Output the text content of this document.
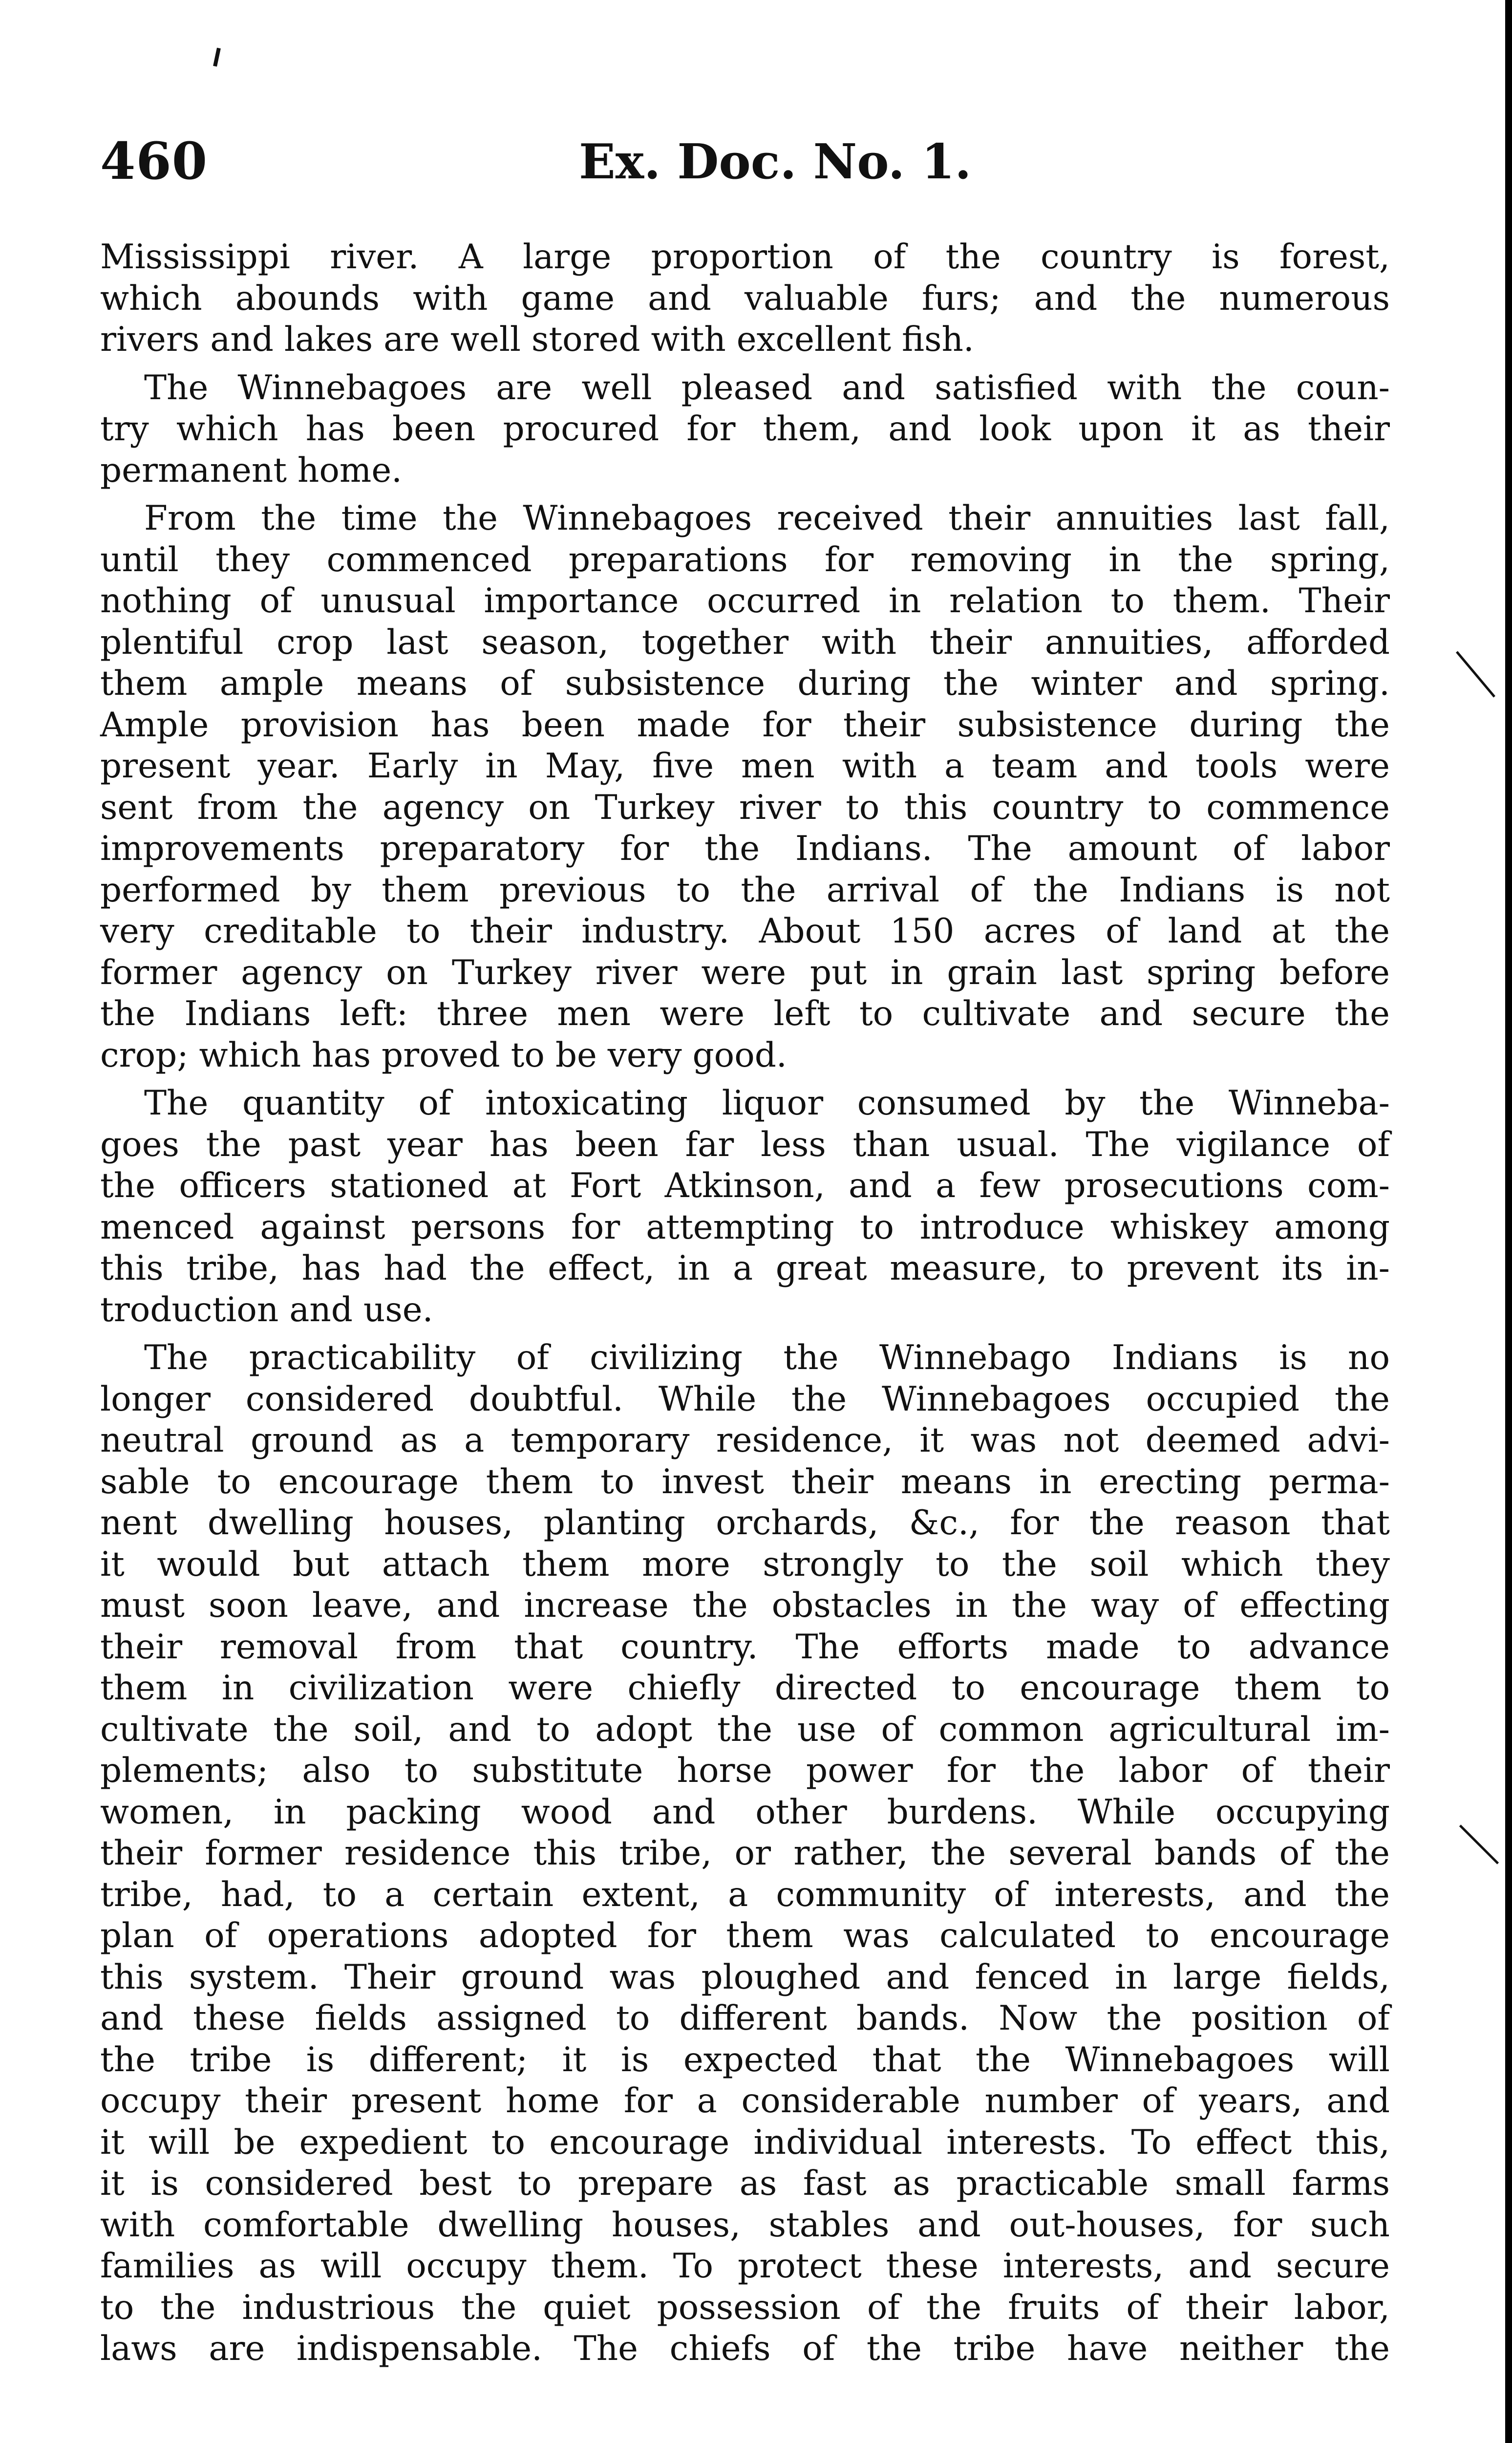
460	Ex. Doc. No. 1.

Mississippi river. A large proportion of the country is forest,
which abounds with game and valuable furs; and the numerous
rivers and lakes are well stored with excellent fish.

The Winnebagoes are well pleased and satisfied with the coun-
try which has been procured for them, and look upon it as their
permanent home.

From the time the Winnebagoes received their annuities last fall,
until they commenced preparations for removing in the spring,
nothing of unusual importance occurred in relation to them. Their
plentiful crop last season, together with their annuities, afforded
them ample means of subsistence during the winter and spring.
Ample provision has been made for their subsistence during the
present year. Early in May, five men with a team and tools were
sent from the agency on Turkey river to this country to commence
improvements preparatory for the Indians. The amount of labor
performed by them previous to the arrival of the Indians is not
very creditable to their industry. About 150 acres of land at the
former agency on Turkey river were put in grain last spring before
the Indians left: three men were left to cultivate and secure the
crop; which has proved to be very good.

The quantity of intoxicating liquor consumed by the Winneba-
goes the past year has been far less than usual. The vigilance of
the officers stationed at Fort Atkinson, and a few prosecutions com-
menced against persons for attempting to introduce whiskey among
this tribe, has had the effect, in a great measure, to prevent its in-
troduction and use.

The practicability of civilizing the Winnebago Indians is no
longer considered doubtful. While the Winnebagoes occupied the
neutral ground as a temporary residence, it was not deemed advi-
sable to encourage them to invest their means in erecting perma-
nent dwelling houses, planting orchards, &c., for the reason that
it would but attach them more strongly to the soil which they
must soon leave, and increase the obstacles in the way of effecting
their removal from that country. The efforts made to advance
them in civilization were chiefly directed to encourage them to
cultivate the soil, and to adopt the use of common agricultural im-
plements; also to substitute horse power for the labor of their
women, in packing wood and other burdens. While occupying
their former residence this tribe, or rather, the several bands of the
tribe, had, to a certain extent, a community of interests, and the
plan of operations adopted for them was calculated to encourage
this system. Their ground was ploughed and fenced in large fields,
and these fields assigned to different bands. Now the position of
the tribe is different; it is expected that the Winnebagoes will
occupy their present home for a considerable number of years, and
it will be expedient to encourage individual interests. To effect this,
it is considered best to prepare as fast as practicable small farms
with comfortable dwelling houses, stables and out-houses, for such
families as will occupy them. To protect these interests, and secure
to the industrious the quiet possession of the fruits of their labor,
laws are indispensable. The chiefs of the tribe have neither the
